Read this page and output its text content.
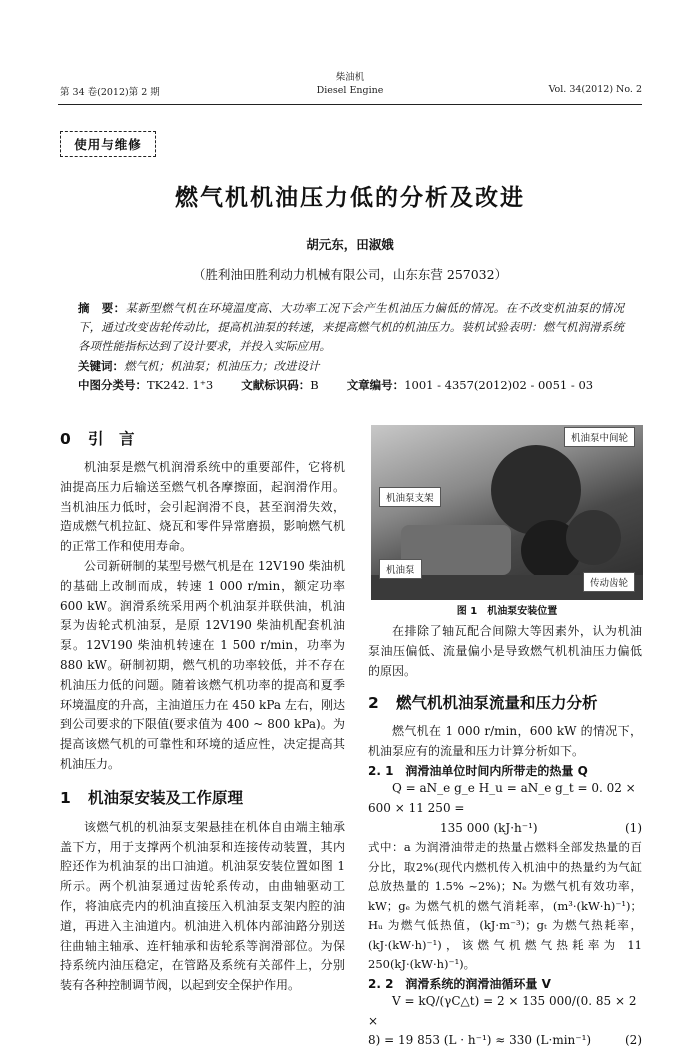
第 34 卷(2012)第 2 期
柴油机
Diesel Engine	Vol. 34(2012) No. 2
使用与维修
燃气机机油压力低的分析及改进
胡元东，田淑娥
（胜利油田胜利动力机械有限公司，山东东营 257032）
摘　要：某新型燃气机在环境温度高、大功率工况下会产生机油压力偏低的情况。在不改变机油泵的情况下，通过改变齿轮传动比，提高机油泵的转速，来提高燃气机的机油压力。装机试验表明：燃气机润滑系统各项性能指标达到了设计要求，并投入实际应用。
关键词：燃气机；机油泵；机油压力；改进设计
中图分类号：TK242. 1⁺3 文献标识码：B 文章编号：1001 - 4357(2012)02 - 0051 - 03
0 引　言

机油泵是燃气机润滑系统中的重要部件，它将机油提高压力后输送至燃气机各摩擦面，起润滑作用。当机油压力低时，会引起润滑不良，甚至润滑失效，造成燃气机拉缸、烧瓦和零件异常磨损，影响燃气机的正常工作和使用寿命。

公司新研制的某型号燃气机是在 12V190 柴油机的基础上改制而成，转速 1 000 r/min，额定功率 600 kW。润滑系统采用两个机油泵并联供油，机油泵为齿轮式机油泵，是原 12V190 柴油机配套机油泵。12V190 柴油机转速在 1 500 r/min，功率为880 kW。研制初期，燃气机的功率较低，并不存在机油压力低的问题。随着该燃气机功率的提高和夏季环境温度的升高，主油道压力在 450 kPa 左右，刚达到公司要求的下限值(要求值为 400 ~ 800 kPa)。为提高该燃气机的可靠性和环境的适应性，决定提高其机油压力。

1 机油泵安装及工作原理

该燃气机的机油泵支架悬挂在机体自由端主轴承盖下方，用于支撑两个机油泵和连接传动装置，其内腔还作为机油泵的出口油道。机油泵安装位置如图 1 所示。两个机油泵通过齿轮系传动，由曲轴驱动工作，将油底壳内的机油直接压入机油泵支架内腔的油道，再进入主油道内。机油进入机体内部油路分别送往曲轴主轴承、连杆轴承和齿轮系等润滑部位。为保持系统内油压稳定，在管路及系统有关部件上，分别装有各种控制调节阀，以起到安全保护作用。

机油泵中间轮
机油泵支架
机油泵
传动齿轮
图 1　机油泵安装位置

在排除了轴瓦配合间隙大等因素外，认为机油泵油压偏低、流量偏小是导致燃气机机油压力偏低的原因。

2 燃气机机油泵流量和压力分析

燃气机在 1 000 r/min，600 kW 的情况下，机油泵应有的流量和压力计算分析如下。

2. 1　润滑油单位时间内所带走的热量 Q
Q = aN_e g_e H_u = aN_e g_t = 0. 02 × 600 × 11 250 =
135 000 (kJ·h⁻¹)	(1)

式中：a 为润滑油带走的热量占燃料全部发热量的百分比，取2%(现代内燃机传入机油中的热量约为气缸总放热量的 1.5% ~2%)；Nₑ 为燃气机有效功率，kW；gₑ 为燃气机的燃气消耗率，(m³·(kW·h)⁻¹)；Hᵤ 为燃气低热值，(kJ·m⁻³)；gₜ 为燃气热耗率，(kJ·(kW·h)⁻¹)，该燃气机燃气热耗率为 11 250(kJ·(kW·h)⁻¹)。

2. 2　润滑系统的润滑油循环量 V
V = kQ/(γC△t) = 2 × 135 000/(0. 85 × 2 ×
8) = 19 853 (L · h⁻¹) ≈ 330 (L·min⁻¹)	(2)
